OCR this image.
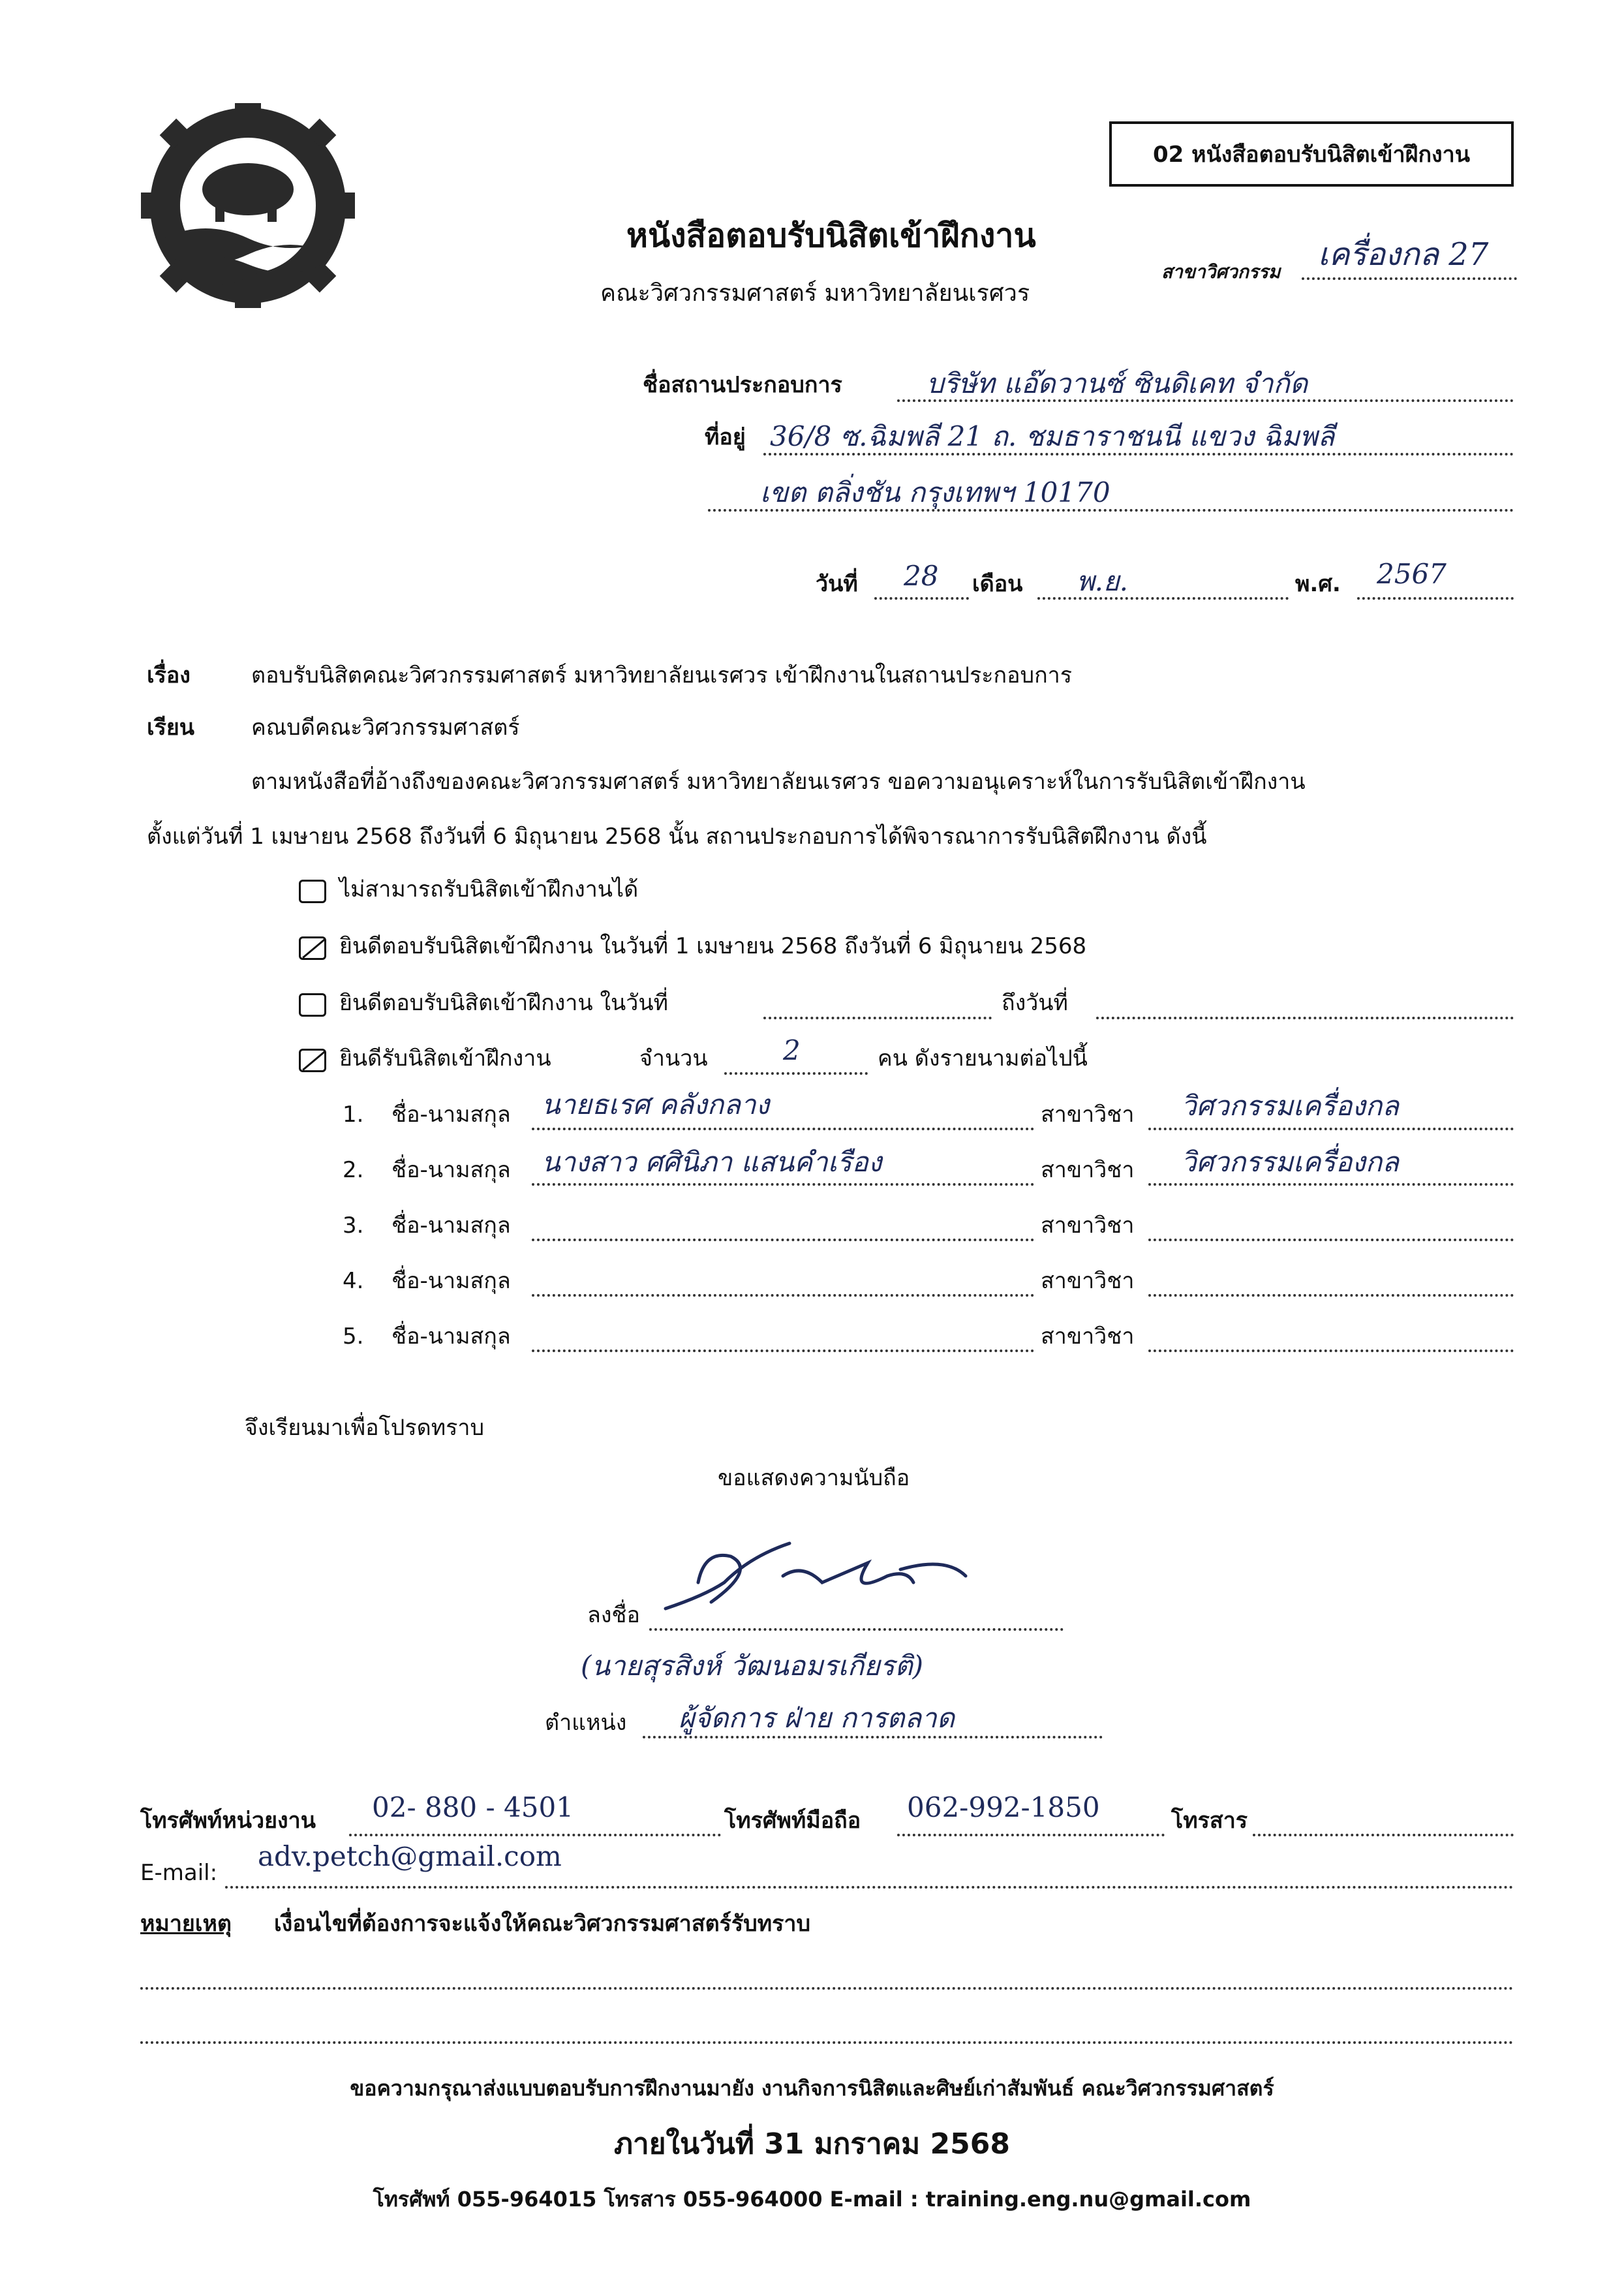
02 หนังสือตอบรับนิสิตเข้าฝึกงาน
หนังสือตอบรับนิสิตเข้าฝึกงาน
คณะวิศวกรรมศาสตร์ มหาวิทยาลัยนเรศวร
สาขาวิศวกรรม เครื่องกล 27
ชื่อสถานประกอบการ	บริษัท แอ๊ดวานซ์ ซินดิเคท จำกัด
ที่อยู่ 36/8 ซ.ฉิมพลี 21 ถ. ชมธาราชนนี แขวง ฉิมพลี
เขต ตลิ่งชัน กรุงเทพฯ 10170
วันที่ 28 เดือน พ.ย.	พ.ศ. 2567
เรื่อง	ตอบรับนิสิตคณะวิศวกรรมศาสตร์ มหาวิทยาลัยนเรศวร เข้าฝึกงานในสถานประกอบการ
เรียน	คณบดีคณะวิศวกรรมศาสตร์
ตามหนังสือที่อ้างถึงของคณะวิศวกรรมศาสตร์ มหาวิทยาลัยนเรศวร ขอความอนุเคราะห์ในการรับนิสิตเข้าฝึกงาน
ตั้งแต่วันที่ 1 เมษายน 2568 ถึงวันที่ 6 มิถุนายน 2568 นั้น สถานประกอบการได้พิจารณาการรับนิสิตฝึกงาน ดังนี้
ไม่สามารถรับนิสิตเข้าฝึกงานได้
ยินดีตอบรับนิสิตเข้าฝึกงาน ในวันที่ 1 เมษายน 2568 ถึงวันที่ 6 มิถุนายน 2568
ยินดีตอบรับนิสิตเข้าฝึกงาน ในวันที่	ถึงวันที่
ยินดีรับนิสิตเข้าฝึกงาน	จำนวน	2	คน ดังรายนามต่อไปนี้
1. ชื่อ-นามสกุล นายธเรศ คลังกลาง	สาขาวิชา วิศวกรรมเครื่องกล
2. ชื่อ-นามสกุล นางสาว ศศินิภา แสนคำเรือง	สาขาวิชา วิศวกรรมเครื่องกล
3. ชื่อ-นามสกุล	สาขาวิชา
4. ชื่อ-นามสกุล	สาขาวิชา
5. ชื่อ-นามสกุล	สาขาวิชา
จึงเรียนมาเพื่อโปรดทราบ
ขอแสดงความนับถือ
ลงชื่อ
(นายสุรสิงห์ วัฒนอมรเกียรติ)
ตำแหน่ง ผู้จัดการ ฝ่าย การตลาด
โทรศัพท์หน่วยงาน 02- 880 - 4501	โทรศัพท์มือถือ 062-992-1850	โทรสาร
E-mail:
adv.petch@gmail.com
หมายเหตุ เงื่อนไขที่ต้องการจะแจ้งให้คณะวิศวกรรมศาสตร์รับทราบ
ขอความกรุณาส่งแบบตอบรับการฝึกงานมายัง งานกิจการนิสิตและศิษย์เก่าสัมพันธ์ คณะวิศวกรรมศาสตร์
ภายในวันที่ 31 มกราคม 2568
โทรศัพท์ 055-964015 โทรสาร 055-964000 E-mail : training.eng.nu@gmail.com
